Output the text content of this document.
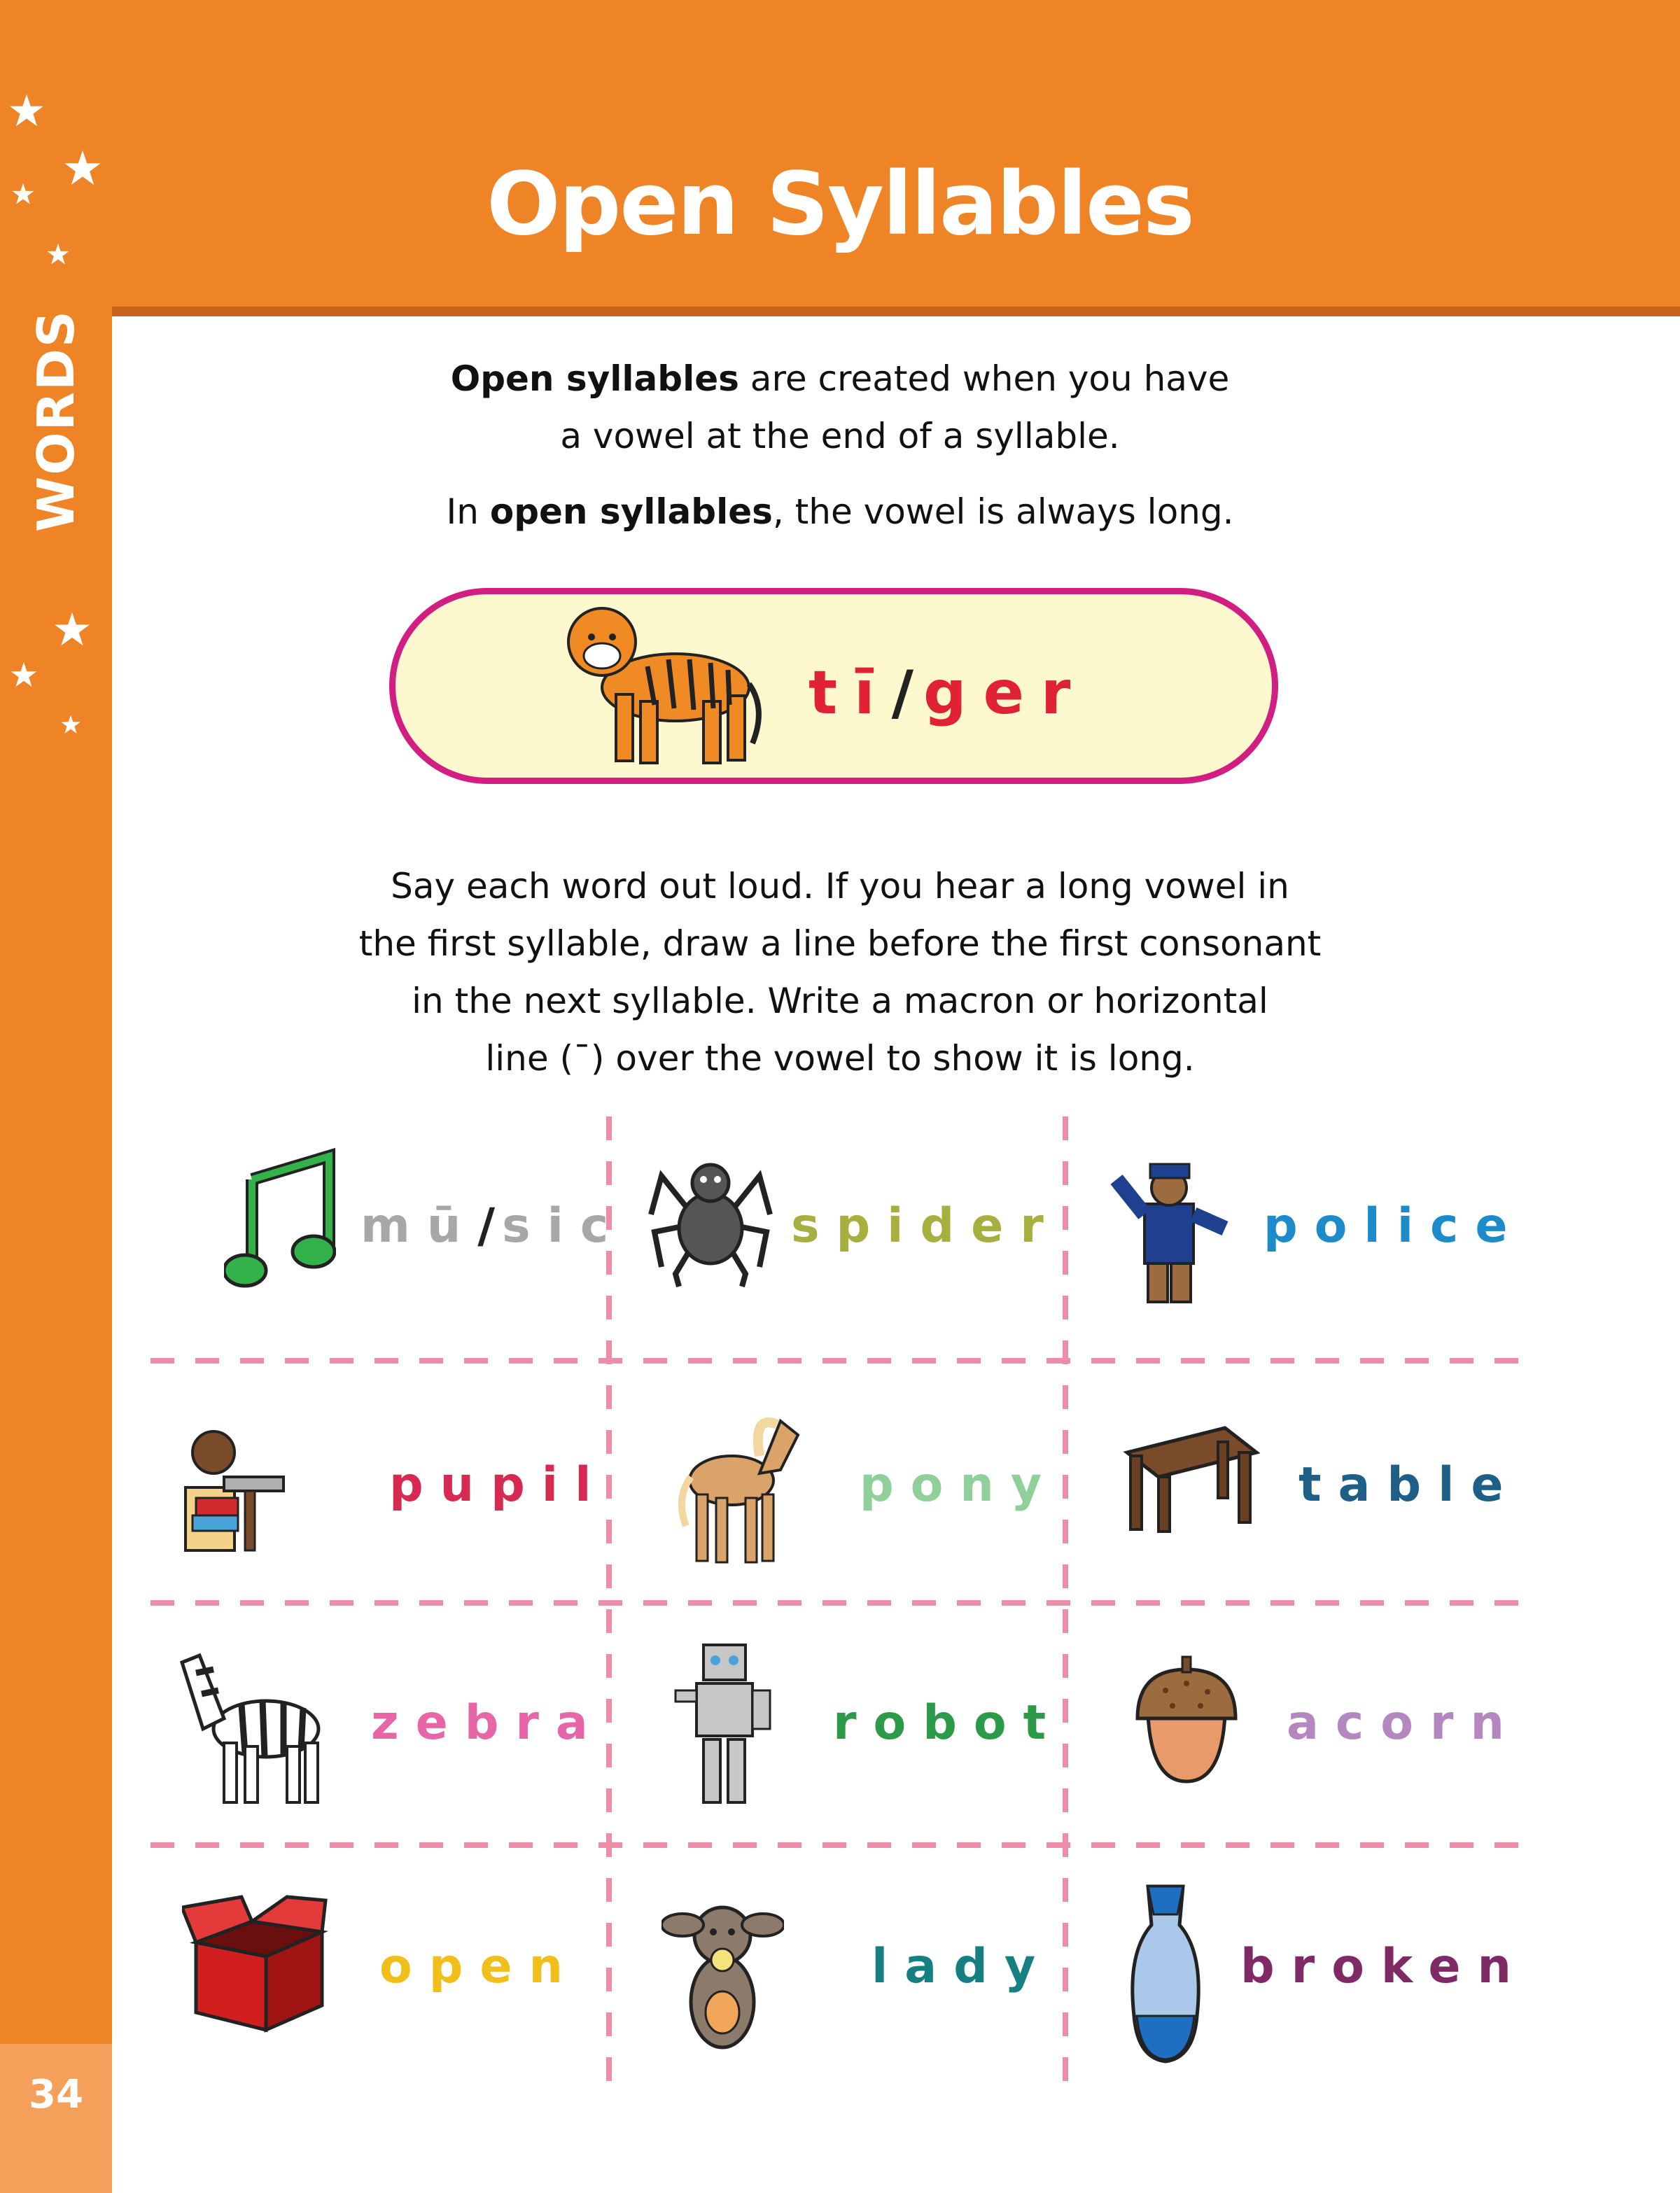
34
Open Syllables
WORDS	Open syllables are created when you have
a vowel at the end of a syllable.
In open syllables, the vowel is always long.
tī/ ger
Say each word out loud. If you hear a long vowel in
the first syllable, draw a line before the first consonant
in the next syllable. Write a macron or horizontal
line (¯) over the vowel to show it is long.
mū/ sic	spider	police
pupil	pony	table
zebra	robot	acorn
open	lady	broken
